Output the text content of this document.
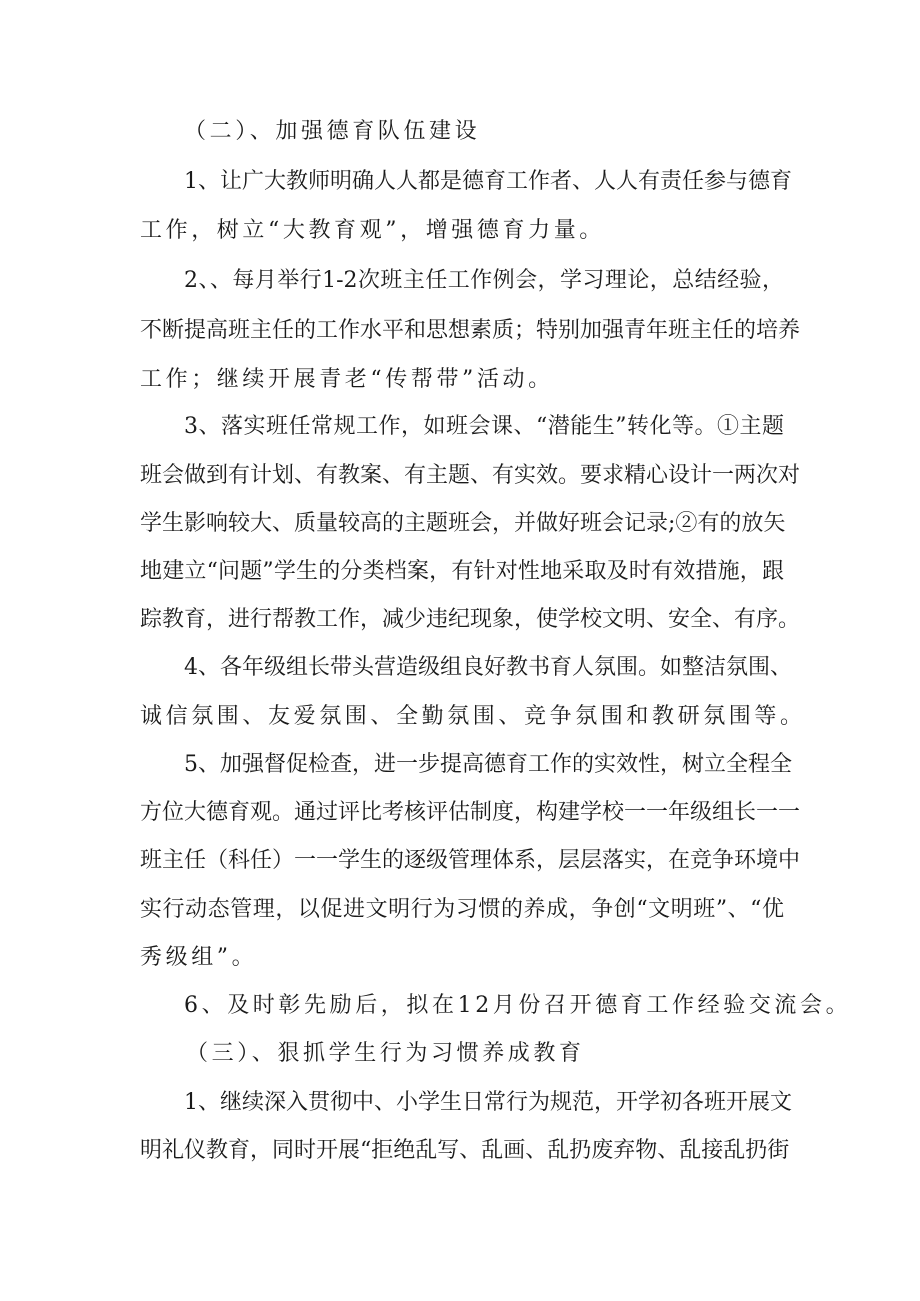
（二）、加强德育队伍建设
1、让广大教师明确人人都是德育工作者、人人有责任参与德育
工作，树立“大教育观”，增强德育力量。
2、、每月举行1-2次班主任工作例会，学习理论，总结经验，
不断提高班主任的工作水平和思想素质；特别加强青年班主任的培养
工作；继续开展青老“传帮带”活动。
3、落实班任常规工作，如班会课、“潜能生”转化等。①主题
班会做到有计划、有教案、有主题、有实效。要求精心设计一两次对
学生影响较大、质量较高的主题班会，并做好班会记录;②有的放矢
地建立“问题”学生的分类档案，有针对性地采取及时有效措施，跟
踪教育，进行帮教工作，减少违纪现象，使学校文明、安全、有序。
4、各年级组长带头营造级组良好教书育人氛围。如整洁氛围、
诚信氛围、友爱氛围、全勤氛围、竞争氛围和教研氛围等。
5、加强督促检查，进一步提高德育工作的实效性，树立全程全
方位大德育观。通过评比考核评估制度，构建学校一一年级组长一一
班主任（科任）一一学生的逐级管理体系，层层落实，在竞争环境中
实行动态管理，以促进文明行为习惯的养成，争创“文明班”、“优
秀级组”。
6、及时彰先励后，拟在12月份召开德育工作经验交流会。
（三）、狠抓学生行为习惯养成教育
1、继续深入贯彻中、小学生日常行为规范，开学初各班开展文
明礼仪教育，同时开展“拒绝乱写、乱画、乱扔废弃物、乱接乱扔街
